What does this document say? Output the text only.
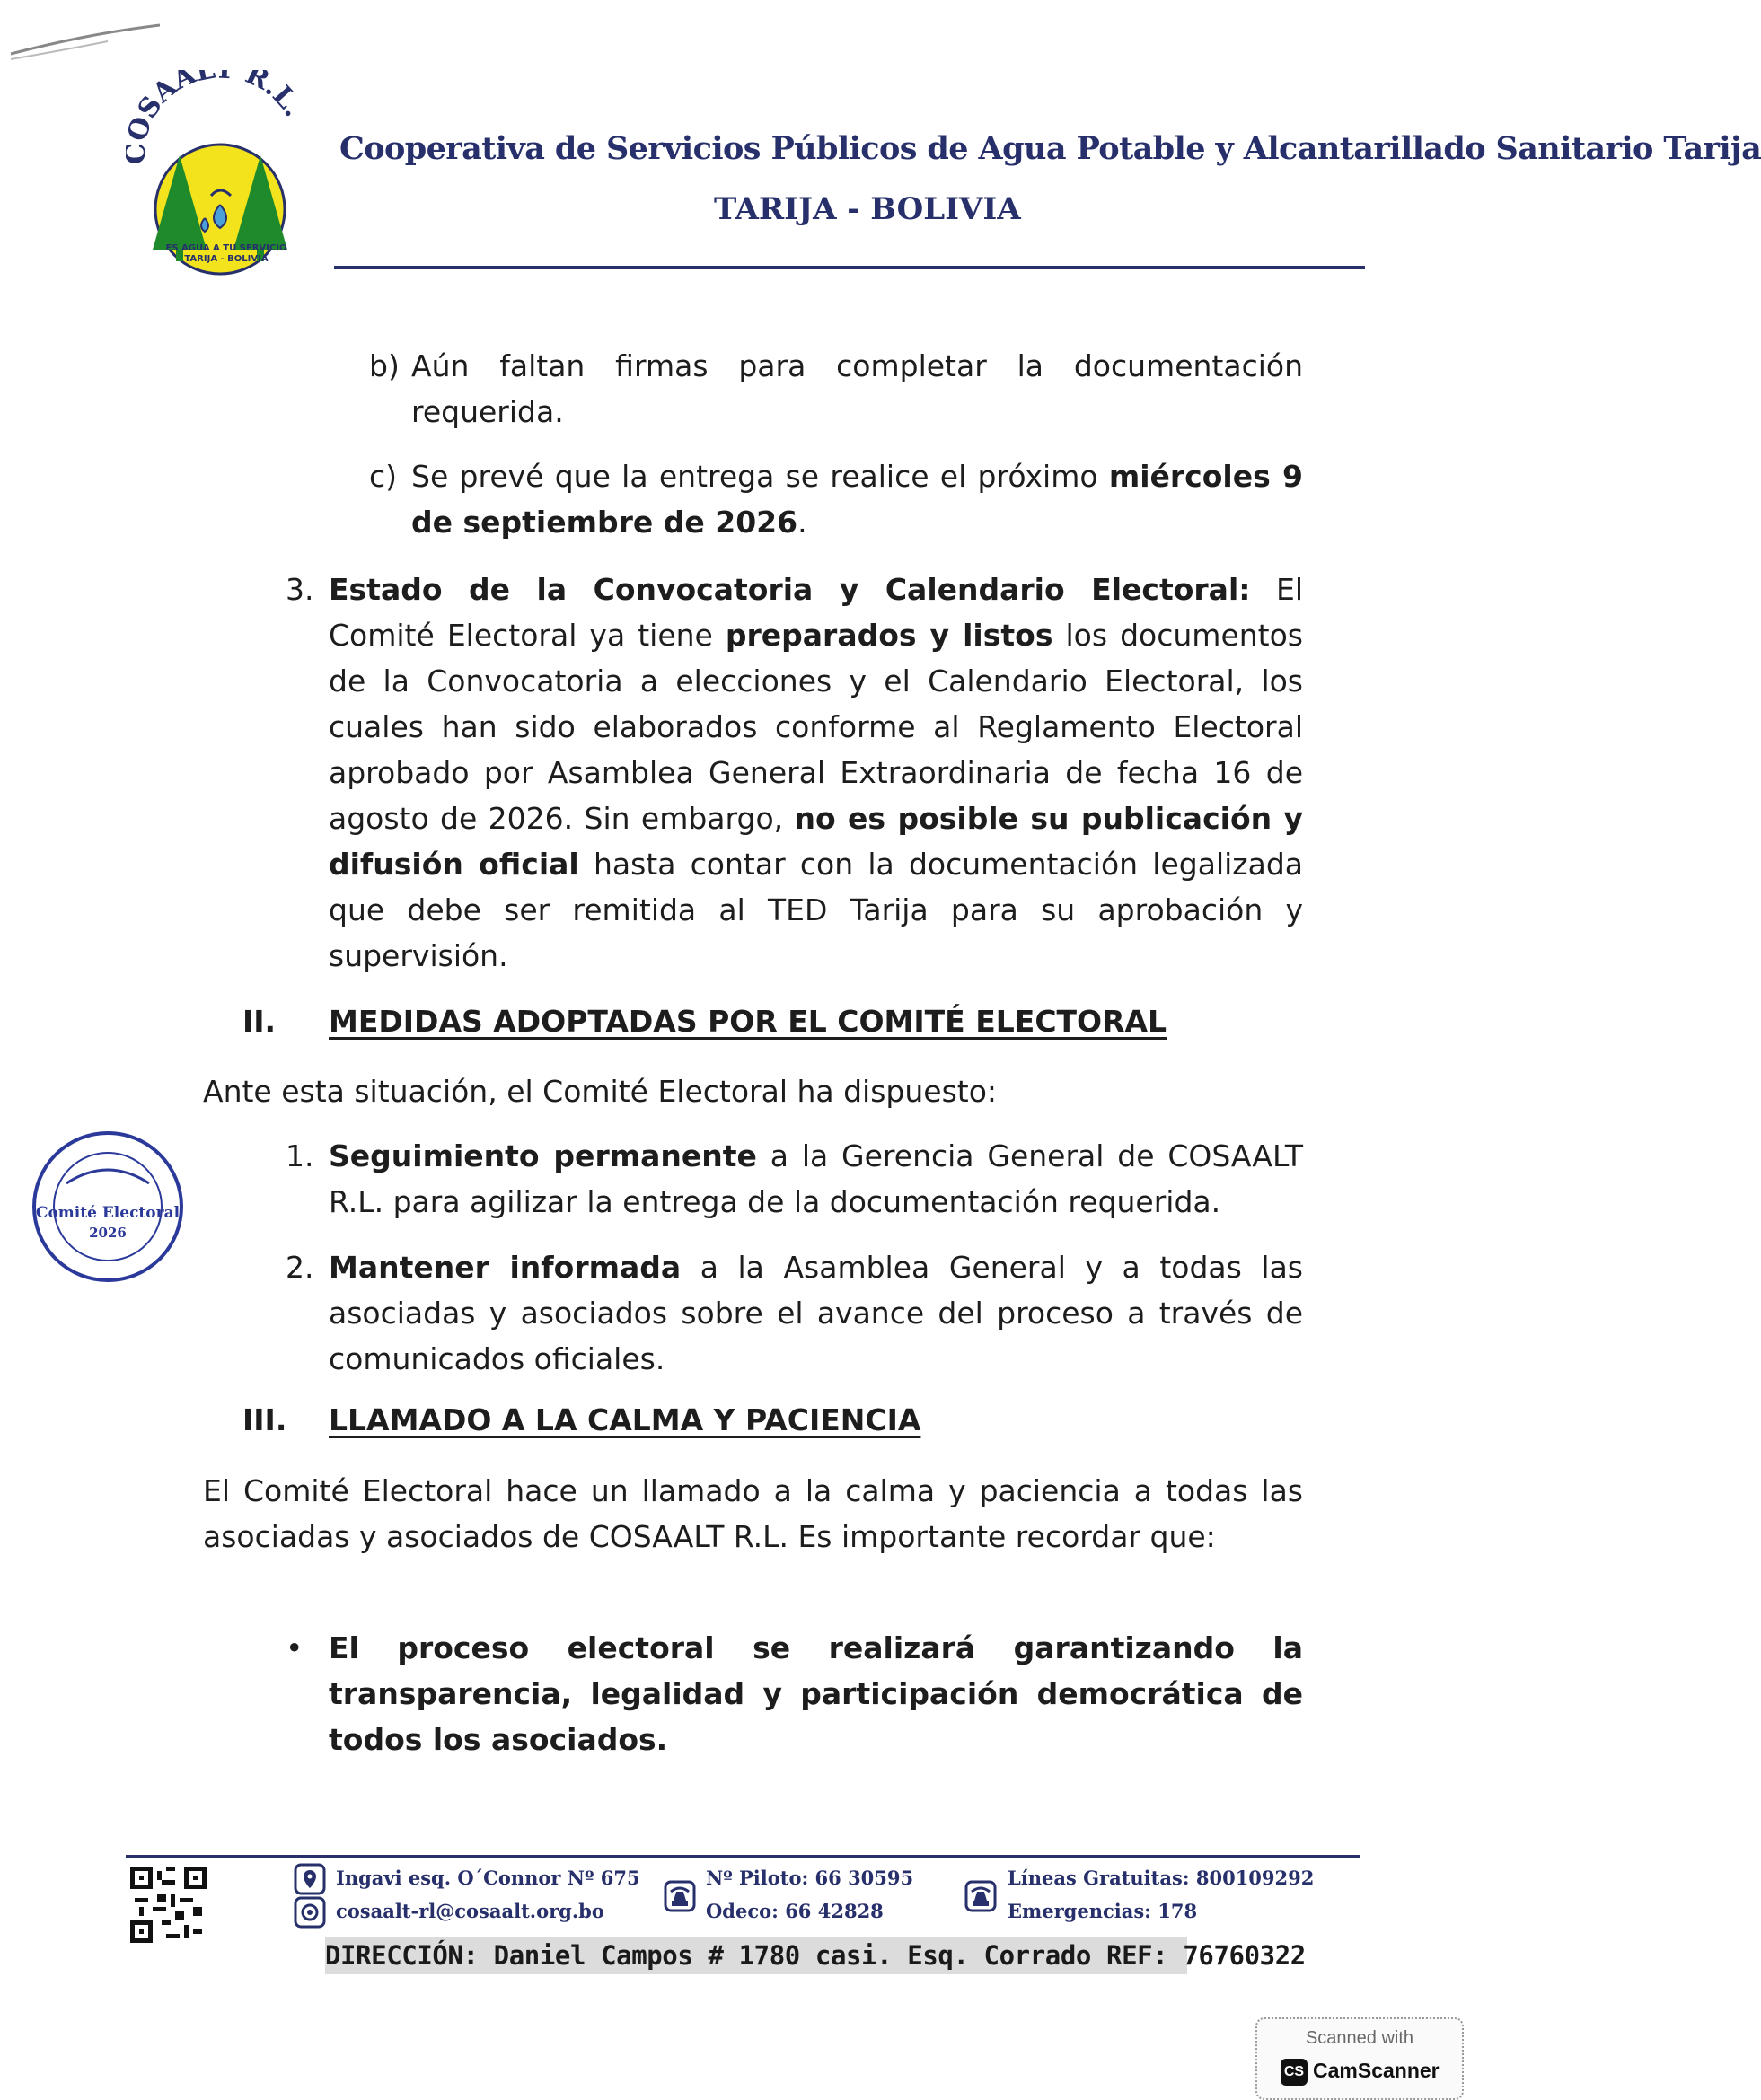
SAAL R.L.
ES AGUA A TU SERVICIO
TARIJA - BOLIVIA
Cooperativa de Servicios Públicos de Agua Potable y Alcantarillado Sanitario Tarija
TARIJA - BOLIVIA
b) Aún faltan firmas para completar la documentación requerida.
c) Se prevé que la entrega se realice el próximo miércoles 9 de septiembre de 2026.
3. Estado de la Convocatoria y Calendario Electoral: El Comité Electoral ya tiene preparados y listos los documentos de la Convocatoria a elecciones y el Calendario Electoral, los cuales han sido elaborados conforme al Reglamento Electoral aprobado por Asamblea General Extraordinaria de fecha 16 de agosto de 2026. Sin embargo, no es posible su publicación y difusión oficial hasta contar con la documentación legalizada que debe ser remitida al TED Tarija para su aprobación y supervisión.
II. MEDIDAS ADOPTADAS POR EL COMITÉ ELECTORAL
Ante esta situación, el Comité Electoral ha dispuesto:
1. Seguimiento permanente a la Gerencia General de COSAALT R.L. para agilizar la entrega de la documentación requerida.
2. Mantener informada a la Asamblea General y a todas las asociadas y asociados sobre el avance del proceso a través de comunicados oficiales.
Comité Electoral
2026
III. LLAMADO A LA CALMA Y PACIENCIA
El Comité Electoral hace un llamado a la calma y paciencia a todas las asociadas y asociados de COSAALT R.L. Es importante recordar que:
• El proceso electoral se realizará garantizando la transparencia, legalidad y participación democrática de todos los asociados.
Ingavi esq. O´Connor Nº 675
cosaalt-rl@cosaalt.org.bo
Nº Piloto: 66 30595
Odeco: 66 42828
Líneas Gratuitas: 800109292
Emergencias: 178
DIRECCIÓN: Daniel Campos # 1780 casi. Esq. Corrado REF: 76760322
Scanned with
CS CamScanner
